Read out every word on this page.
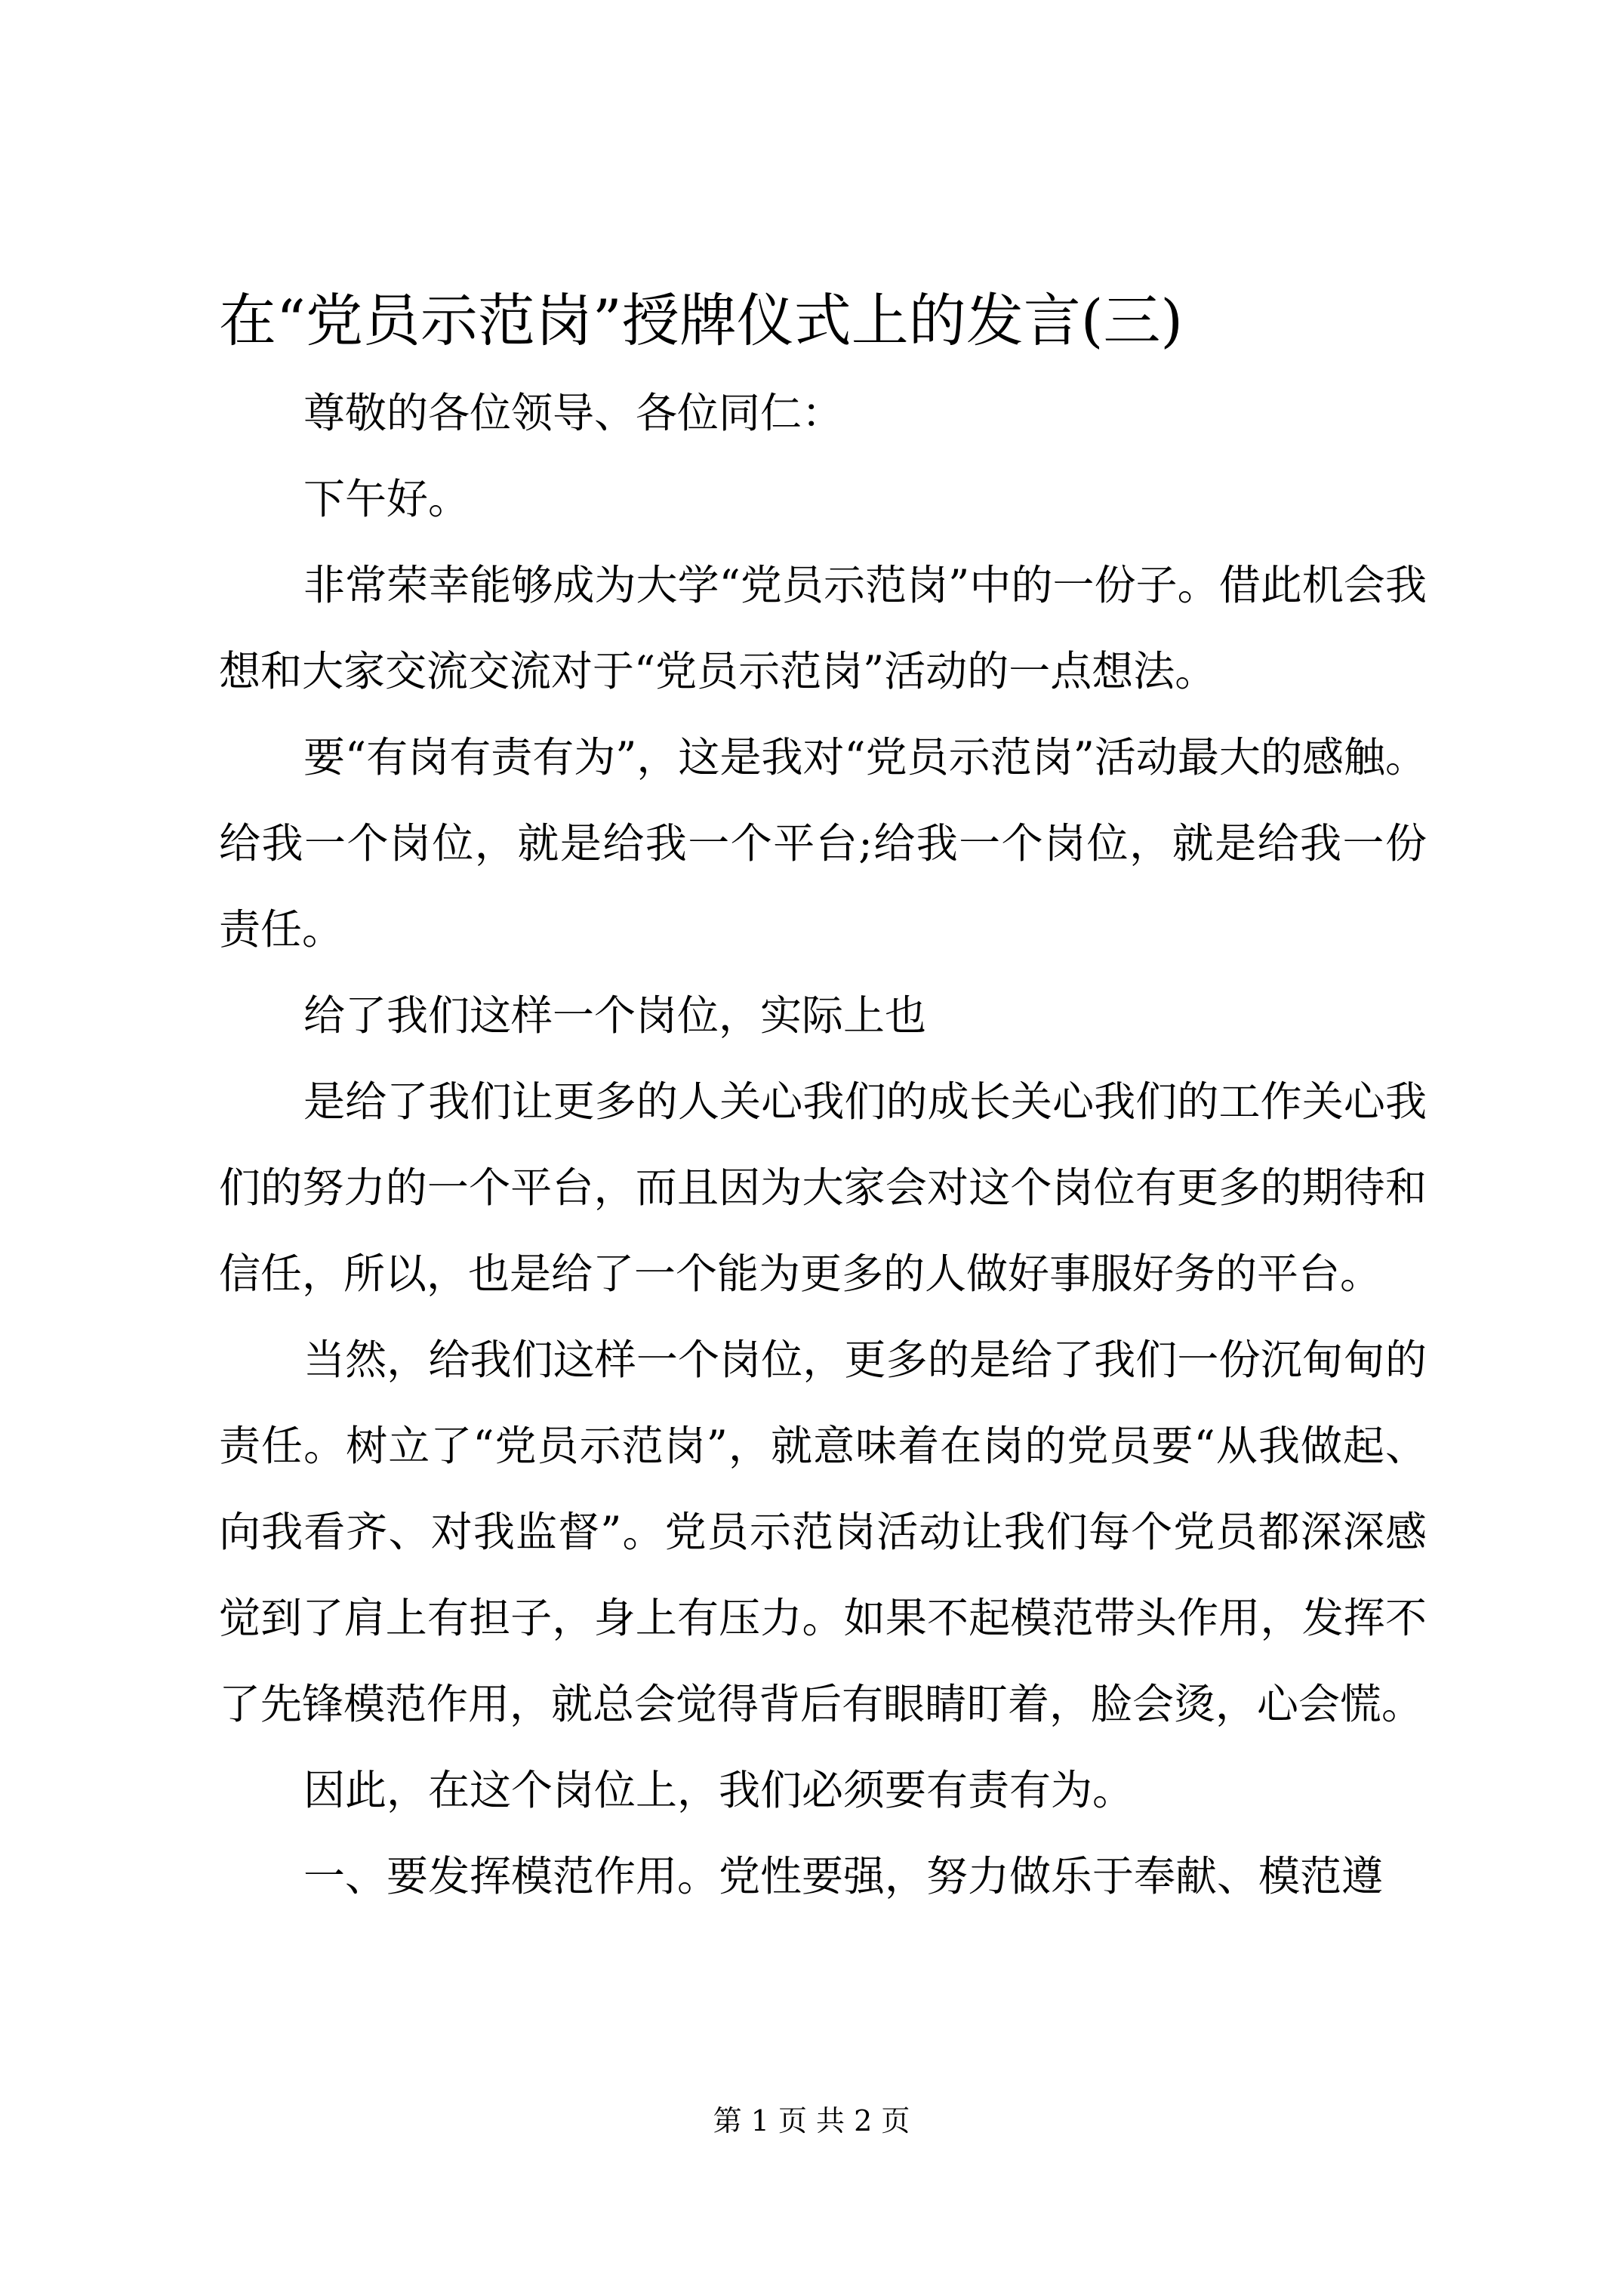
在“党员示范岗”授牌仪式上的发言(三)

尊敬的各位领导、各位同仁：

下午好。

非常荣幸能够成为大学“党员示范岗”中的一份子。借此机会我想和大家交流交流对于“党员示范岗”活动的一点想法。

要“有岗有责有为”，这是我对“党员示范岗”活动最大的感触。给我一个岗位，就是给我一个平台;给我一个岗位，就是给我一份责任。

给了我们这样一个岗位，实际上也

是给了我们让更多的人关心我们的成长关心我们的工作关心我们的努力的一个平台，而且因为大家会对这个岗位有更多的期待和信任，所以，也是给了一个能为更多的人做好事服好务的平台。

当然，给我们这样一个岗位，更多的是给了我们一份沉甸甸的责任。树立了“党员示范岗”，就意味着在岗的党员要“从我做起、向我看齐、对我监督”。党员示范岗活动让我们每个党员都深深感觉到了肩上有担子，身上有压力。如果不起模范带头作用，发挥不了先锋模范作用，就总会觉得背后有眼睛盯着，脸会烫，心会慌。

因此，在这个岗位上，我们必须要有责有为。

一、要发挥模范作用。党性要强，努力做乐于奉献、模范遵

第 1 页 共 2 页
